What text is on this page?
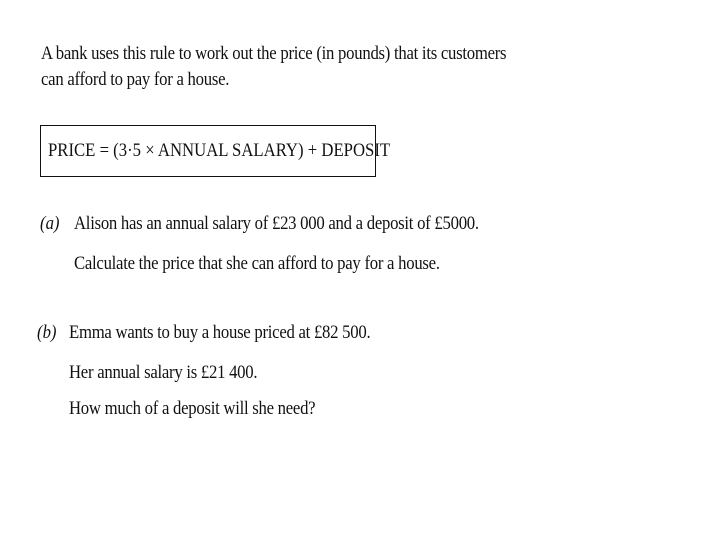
A bank uses this rule to work out the price (in pounds) that its customers
can afford to pay for a house.
PRICE = (3·5 × ANNUAL SALARY) + DEPOSIT
(a) Alison has an annual salary of £23 000 and a deposit of £5000.
Calculate the price that she can afford to pay for a house.
(b) Emma wants to buy a house priced at £82 500.
Her annual salary is £21 400.
How much of a deposit will she need?
